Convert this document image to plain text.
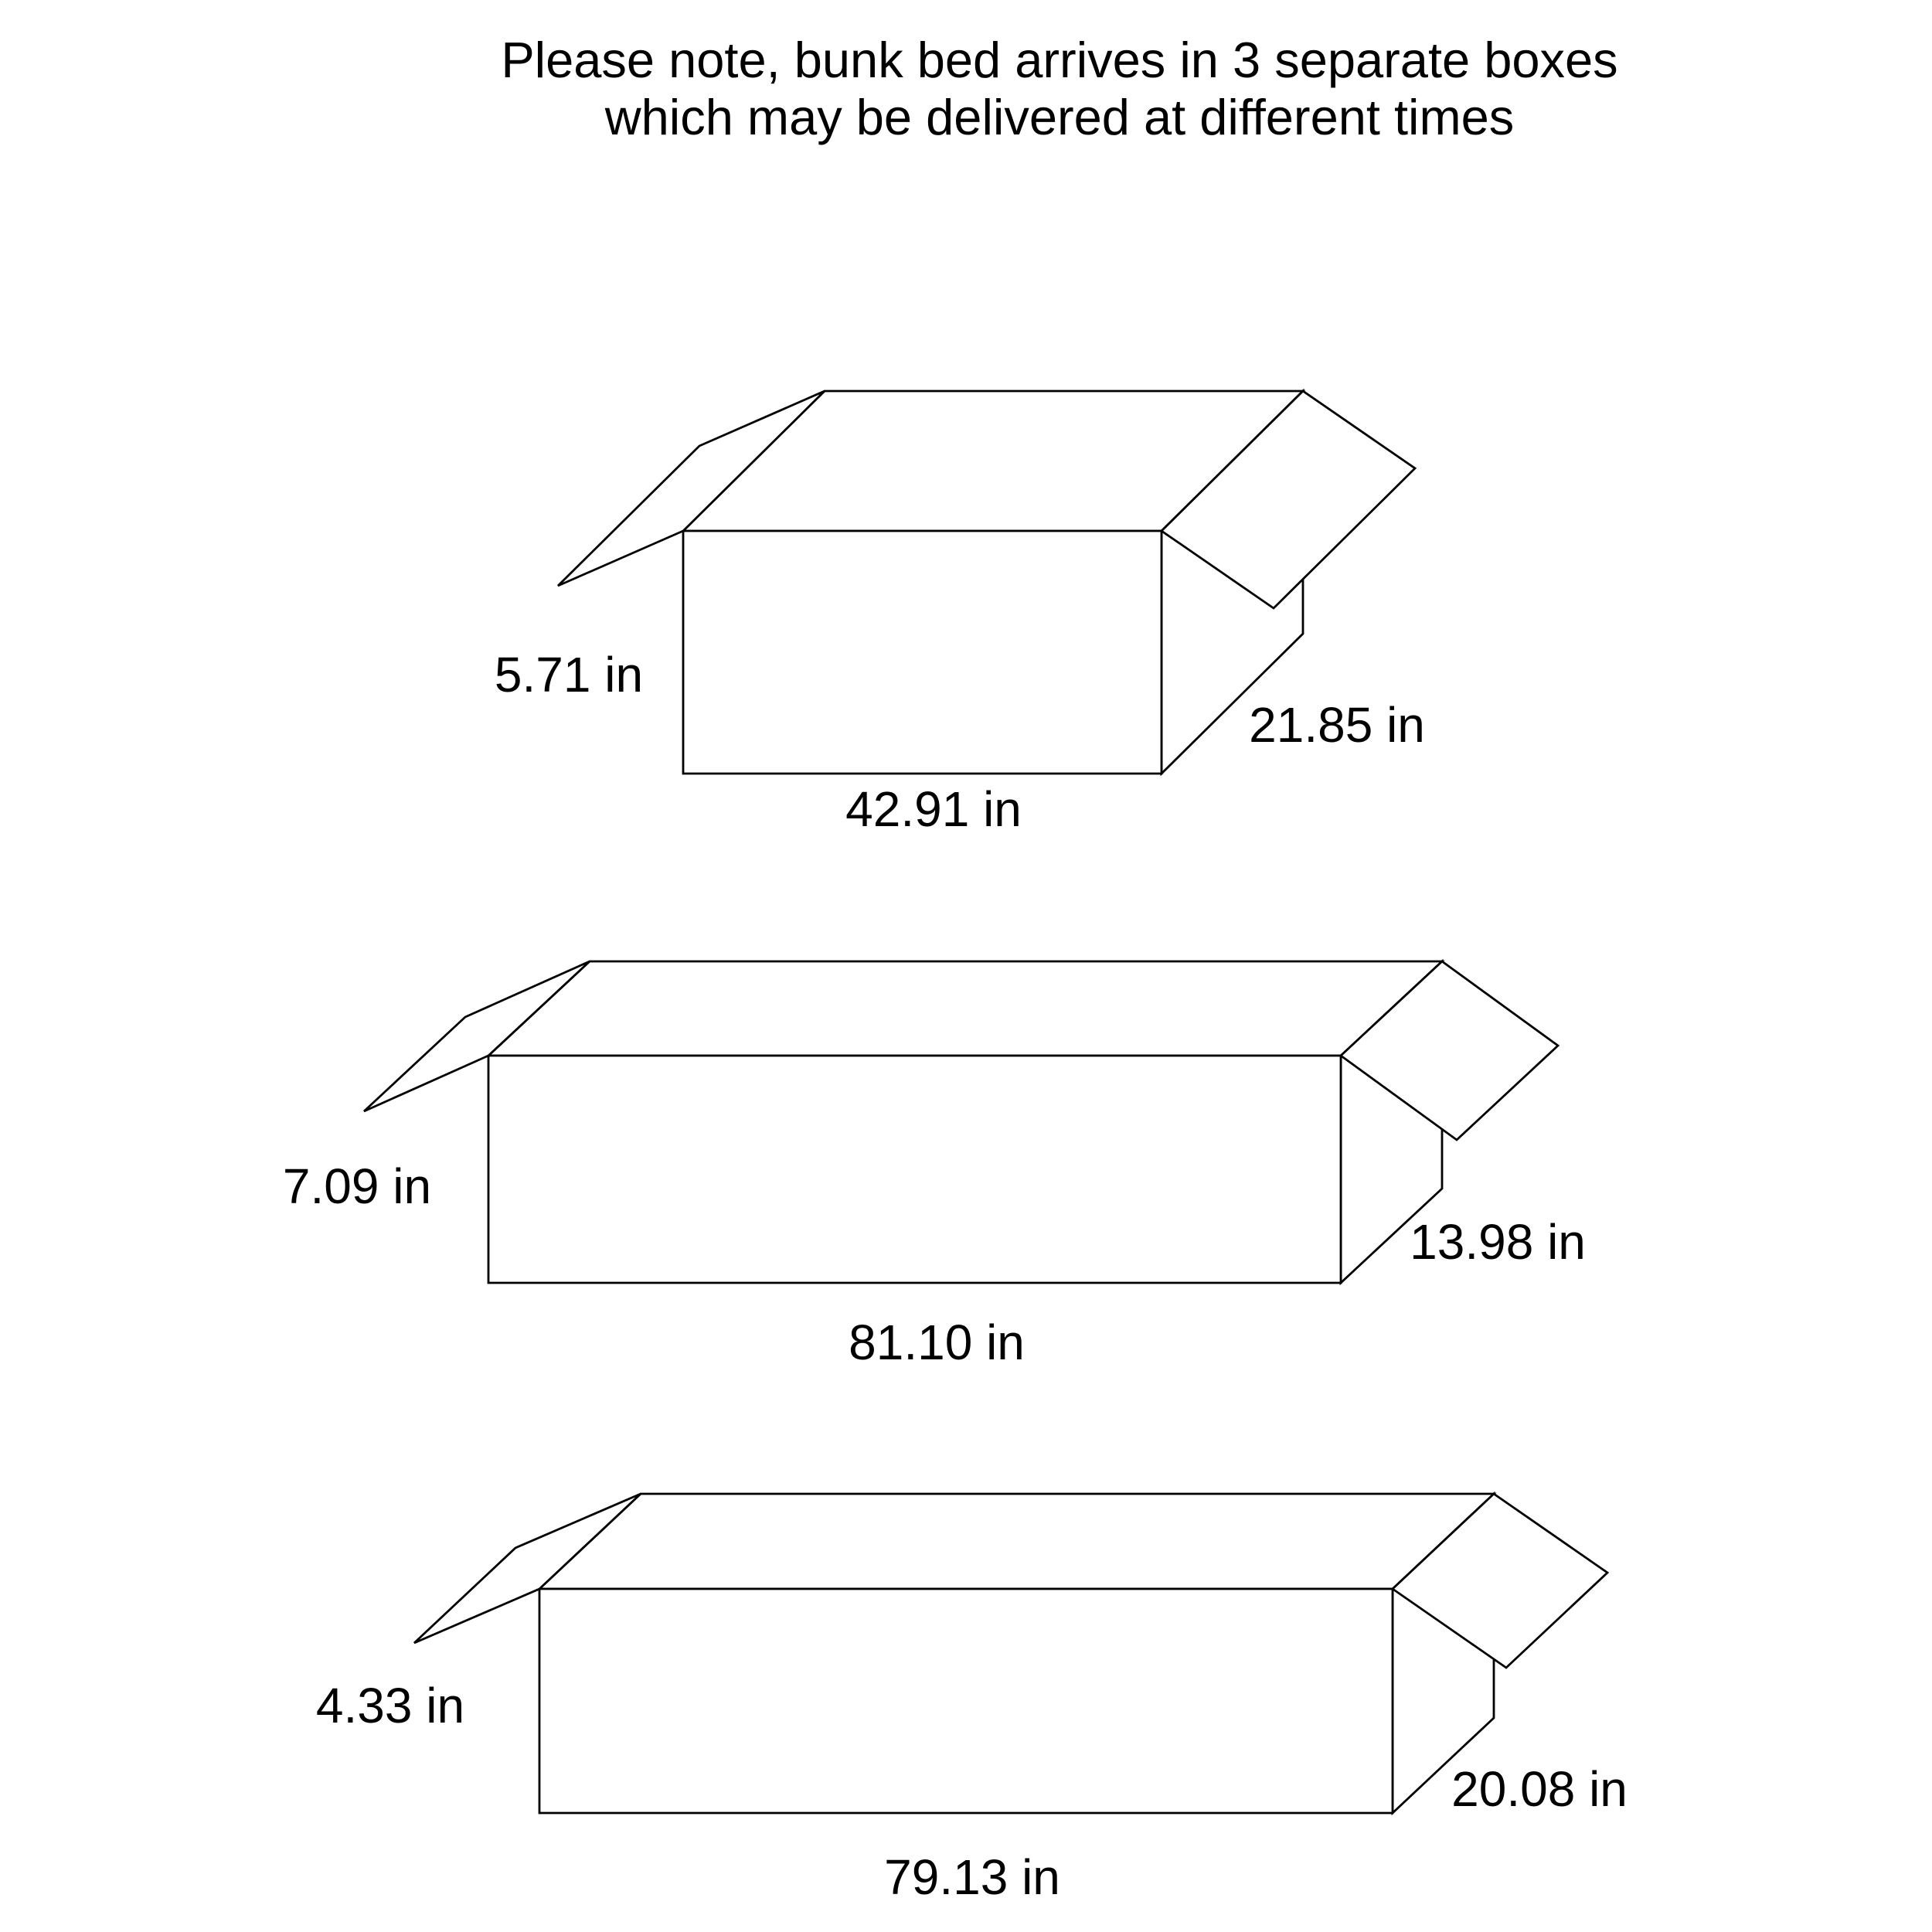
Please note, bunk bed arrives in 3 separate boxes
which may be delivered at different times
5.71 in
21.85 in
42.91 in
7.09 in
13.98 in
81.10 in
4.33 in
20.08 in
79.13 in
